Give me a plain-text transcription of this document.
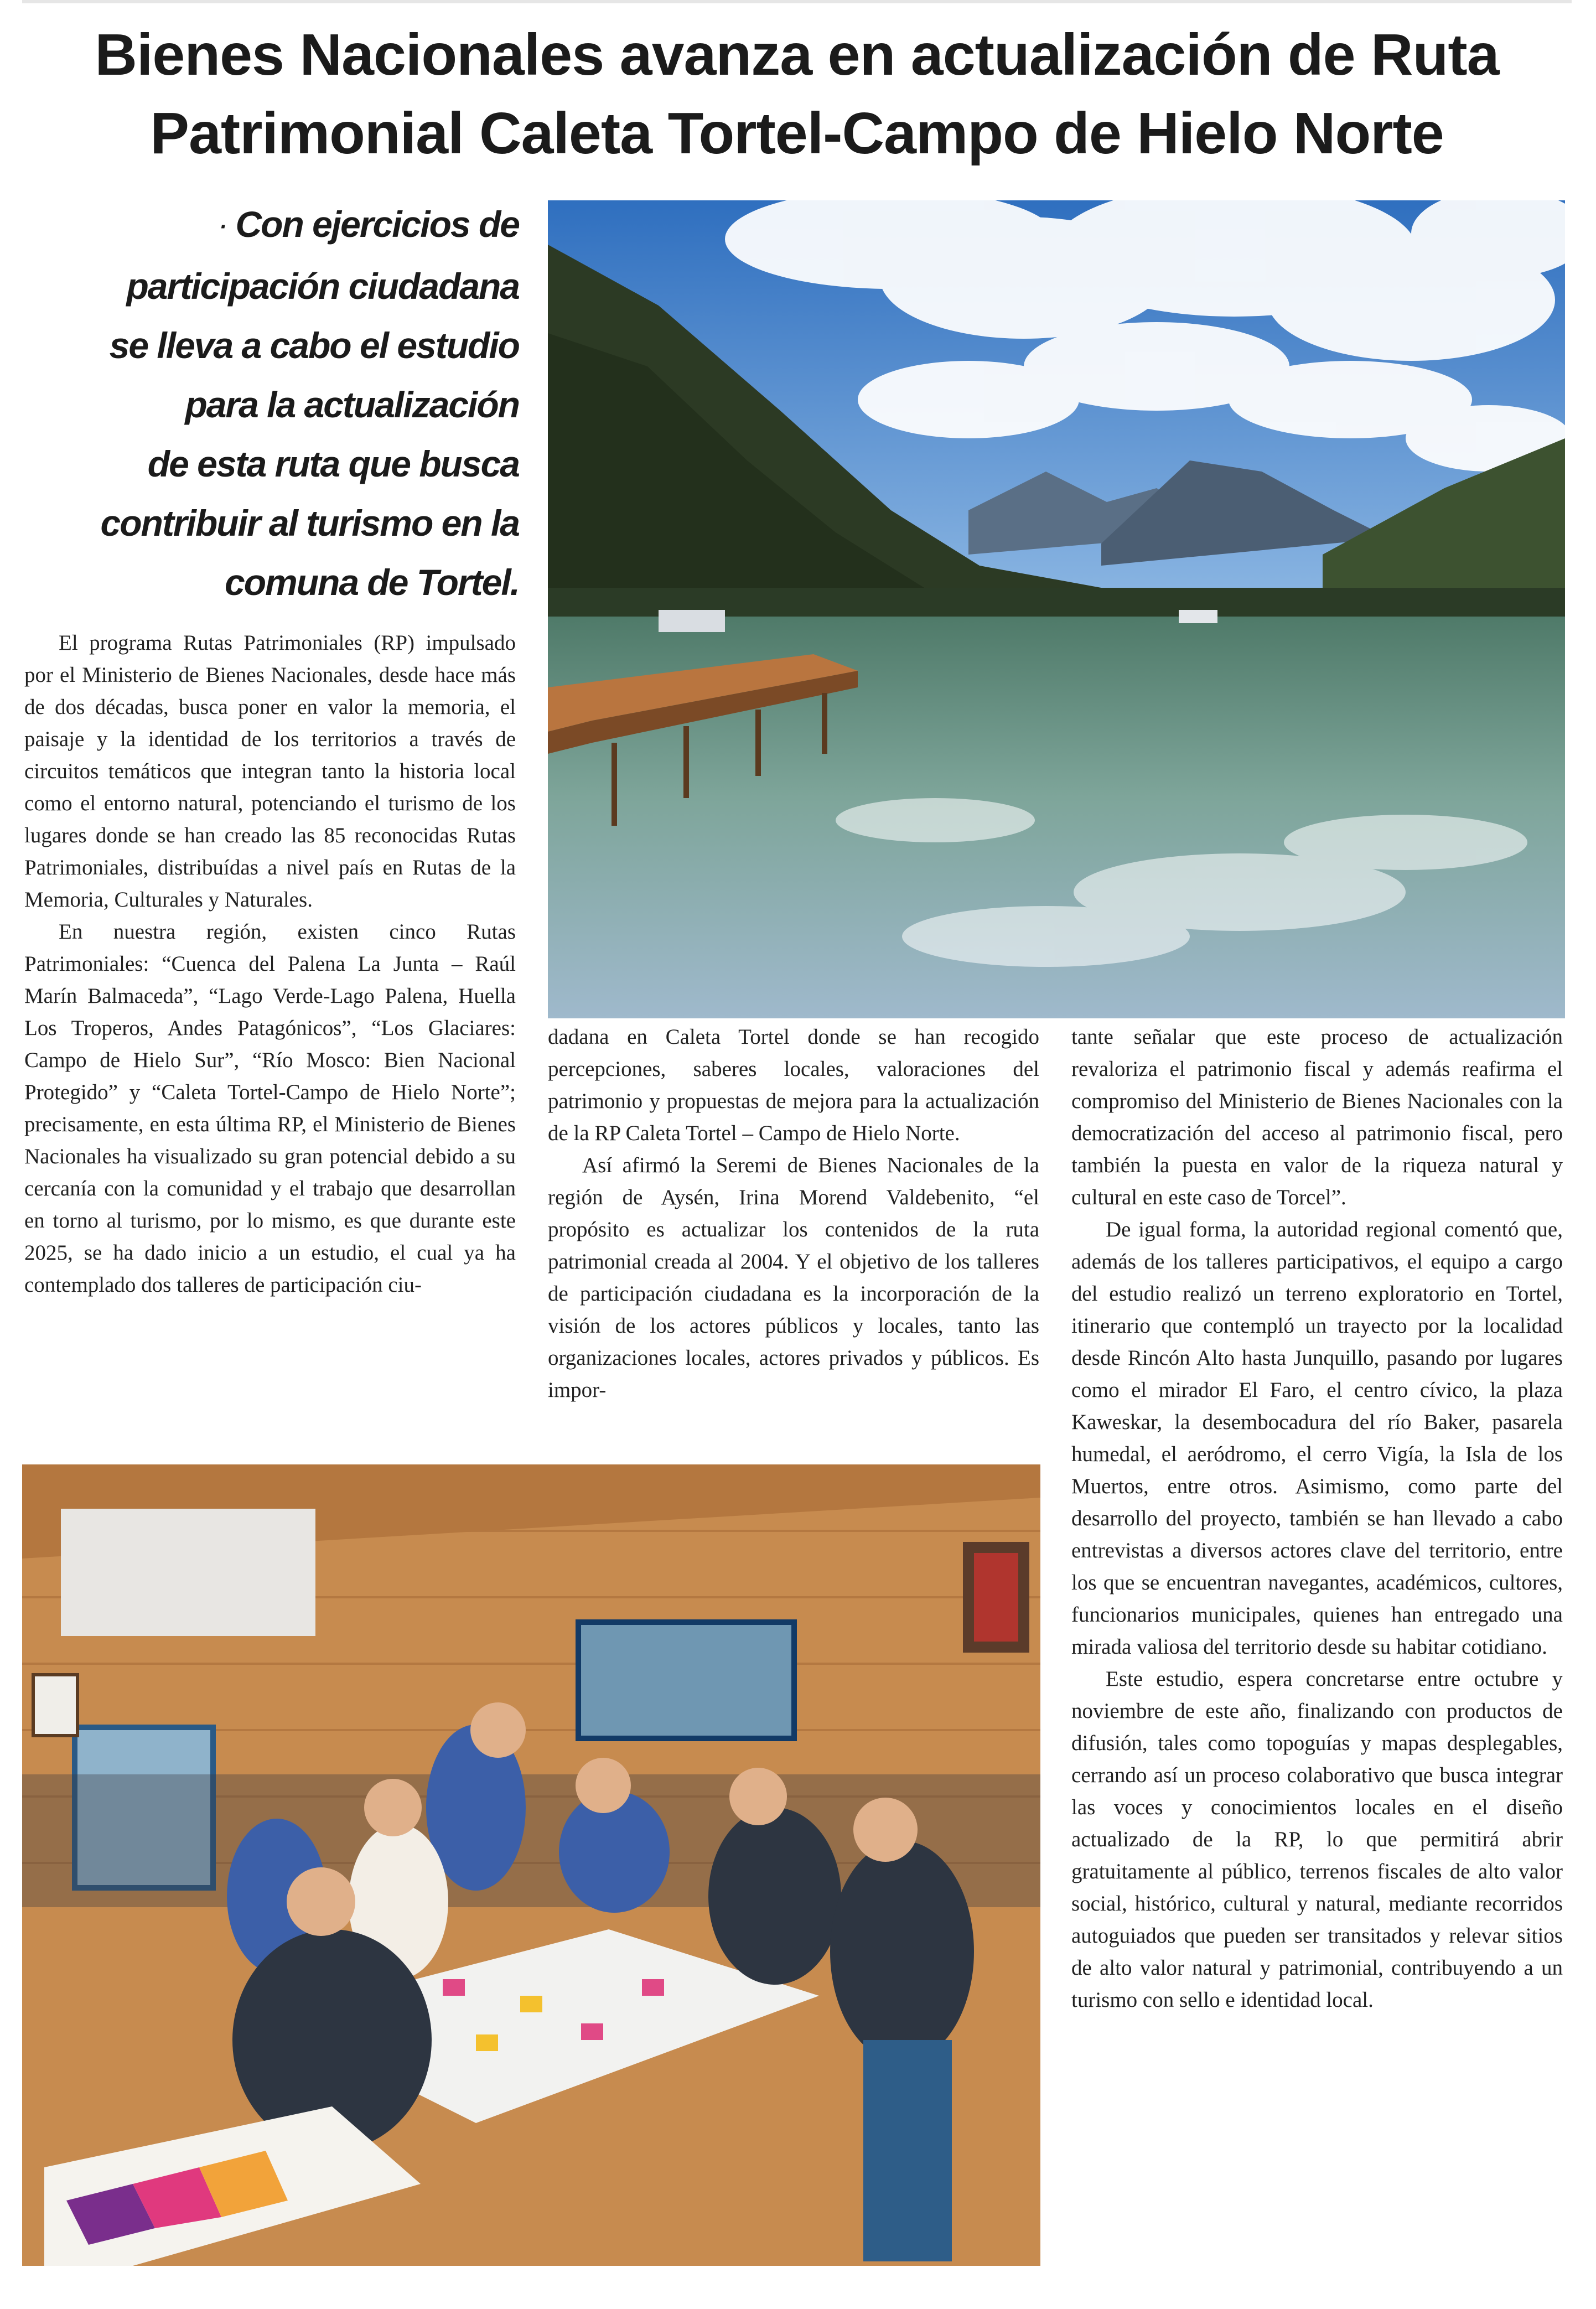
Bienes Nacionales avanza en actualización de Ruta
Patrimonial Caleta Tortel-Campo de Hielo Norte
· Con ejercicios de
participación ciudadana
se lleva a cabo el estudio
para la actualización
de esta ruta que busca
contribuir al turismo en la
comuna de Tortel.

El programa Rutas Patrimoniales (RP) impulsado por el Ministerio de Bienes Nacionales, desde hace más de dos décadas, busca poner en valor la memoria, el paisaje y la identidad de los territorios a través de circuitos temáticos que integran tanto la historia local como el entorno natural, potenciando el turismo de los lugares donde se han creado las 85 reconocidas Rutas Patrimoniales, distribuídas a nivel país en Rutas de la Memoria, Culturales y Naturales.

En nuestra región, existen cinco Rutas Patrimoniales: “Cuenca del Palena La Junta – Raúl Marín Balmaceda”, “Lago Verde-Lago Palena, Huella Los Troperos, Andes Patagónicos”, “Los Glaciares: Campo de Hielo Sur”, “Río Mosco: Bien Nacional Protegido” y “Caleta Tortel-Campo de Hielo Norte”; precisamente, en esta última RP, el Ministerio de Bienes Nacionales ha visualizado su gran potencial debido a su cercanía con la comunidad y el trabajo que desarrollan en torno al turismo, por lo mismo, es que durante este 2025, se ha dado inicio a un estudio, el cual ya ha contemplado dos talleres de participación ciu-

dadana en Caleta Tortel donde se han recogido percepciones, saberes locales, valoraciones del patrimonio y propuestas de mejora para la actualización de la RP Caleta Tortel – Campo de Hielo Norte.

Así afirmó la Seremi de Bienes Nacionales de la región de Aysén, Irina Morend Valdebenito, “el propósito es actualizar los contenidos de la ruta patrimonial creada al 2004. Y el objetivo de los talleres de participación ciudadana es la incorporación de la visión de los actores públicos y locales, tanto las organizaciones locales, actores privados y públicos. Es impor-

tante señalar que este proceso de actualización revaloriza el patrimonio fiscal y además reafirma el compromiso del Ministerio de Bienes Nacionales con la democratización del acceso al patrimonio fiscal, pero también la puesta en valor de la riqueza natural y cultural en este caso de Torcel”.

De igual forma, la autoridad regional comentó que, además de los talleres participativos, el equipo a cargo del estudio realizó un terreno exploratorio en Tortel, itinerario que contempló un trayecto por la localidad desde Rincón Alto hasta Junquillo, pasando por lugares como el mirador El Faro, el centro cívico, la plaza Kaweskar, la desembocadura del río Baker, pasarela humedal, el aeródromo, el cerro Vigía, la Isla de los Muertos, entre otros. Asimismo, como parte del desarrollo del proyecto, también se han llevado a cabo entrevistas a diversos actores clave del territorio, entre los que se encuentran navegantes, académicos, cultores, funcionarios municipales, quienes han entregado una mirada valiosa del territorio desde su habitar cotidiano.

Este estudio, espera concretarse entre octubre y noviembre de este año, finalizando con productos de difusión, tales como topoguías y mapas desplegables, cerrando así un proceso colaborativo que busca integrar las voces y conocimientos locales en el diseño actualizado de la RP, lo que permitirá abrir gratuitamente al público, terrenos fiscales de alto valor social, histórico, cultural y natural, mediante recorridos autoguiados que pueden ser transitados y relevar sitios de alto valor natural y patrimonial, contribuyendo a un turismo con sello e identidad local.
